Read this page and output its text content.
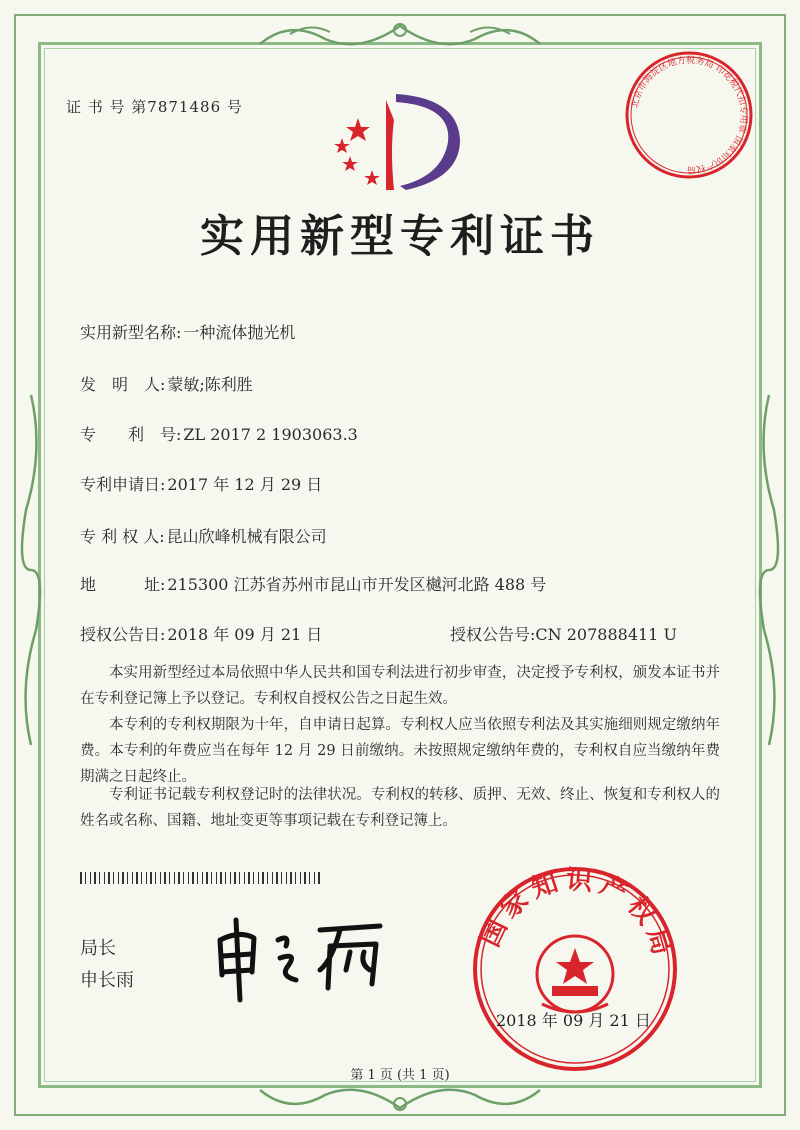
证 书 号 第7871486 号
实用新型专利证书
实用新型名称: 一种流体抛光机
发　明　人: 蒙敏;陈利胜
专　　利　号: ZL 2017 2 1903063.3
专利申请日: 2017 年 12 月 29 日
专 利 权 人: 昆山欣峰机械有限公司
地　　　址: 215300 江苏省苏州市昆山市开发区樾河北路 488 号
授权公告日: 2018 年 09 月 21 日	授权公告号:CN 207888411 U
本实用新型经过本局依照中华人民共和国专利法进行初步审查，决定授予专利权，颁发本证书并在专利登记簿上予以登记。专利权自授权公告之日起生效。
本专利的专利权期限为十年，自申请日起算。专利权人应当依照专利法及其实施细则规定缴纳年费。本专利的年费应当在每年 12 月 29 日前缴纳。未按照规定缴纳年费的，专利权自应当缴纳年费期满之日起终止。
专利证书记载专利权登记时的法律状况。专利权的转移、质押、无效、终止、恢复和专利权人的姓名或名称、国籍、地址变更等事项记载在专利登记簿上。
局长
申长雨
北京市海淀区地方税务局 印花税代扣专用章 国家知识产权局
国家知识产权局
2018 年 09 月 21 日
第 1 页 (共 1 页)
